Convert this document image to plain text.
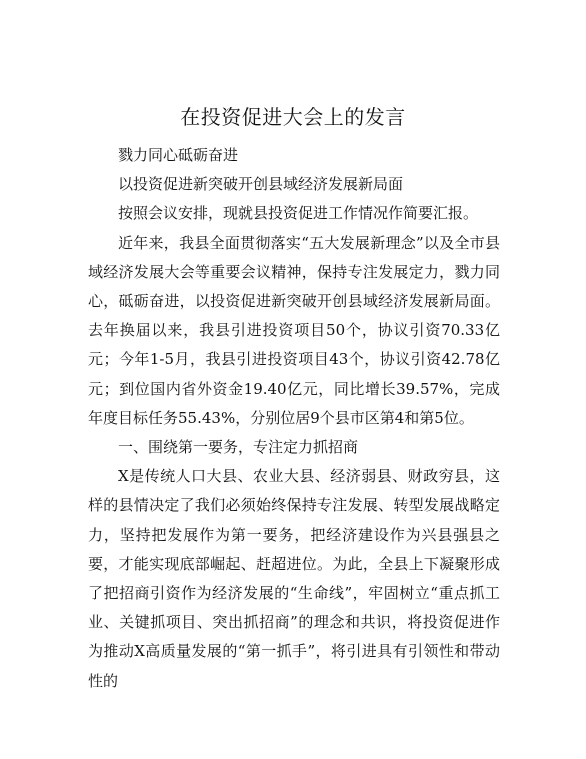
在投资促进大会上的发言

戮力同心砥砺奋进

以投资促进新突破开创县域经济发展新局面

按照会议安排，现就县投资促进工作情况作简要汇报。

近年来，我县全面贯彻落实“五大发展新理念”以及全市县域经济发展大会等重要会议精神，保持专注发展定力，戮力同心，砥砺奋进，以投资促进新突破开创县域经济发展新局面。去年换届以来，我县引进投资项目50个，协议引资70.33亿元；今年1-5月，我县引进投资项目43个，协议引资42.78亿元；到位国内省外资金19.40亿元，同比增长39.57%，完成年度目标任务55.43%，分别位居9个县市区第4和第5位。

一、围绕第一要务，专注定力抓招商

X是传统人口大县、农业大县、经济弱县、财政穷县，这样的县情决定了我们必须始终保持专注发展、转型发展战略定力，坚持把发展作为第一要务，把经济建设作为兴县强县之要，才能实现底部崛起、赶超进位。为此，全县上下凝聚形成了把招商引资作为经济发展的“生命线”，牢固树立“重点抓工业、关键抓项目、突出抓招商”的理念和共识，将投资促进作为推动X高质量发展的“第一抓手”，将引进具有引领性和带动性的
